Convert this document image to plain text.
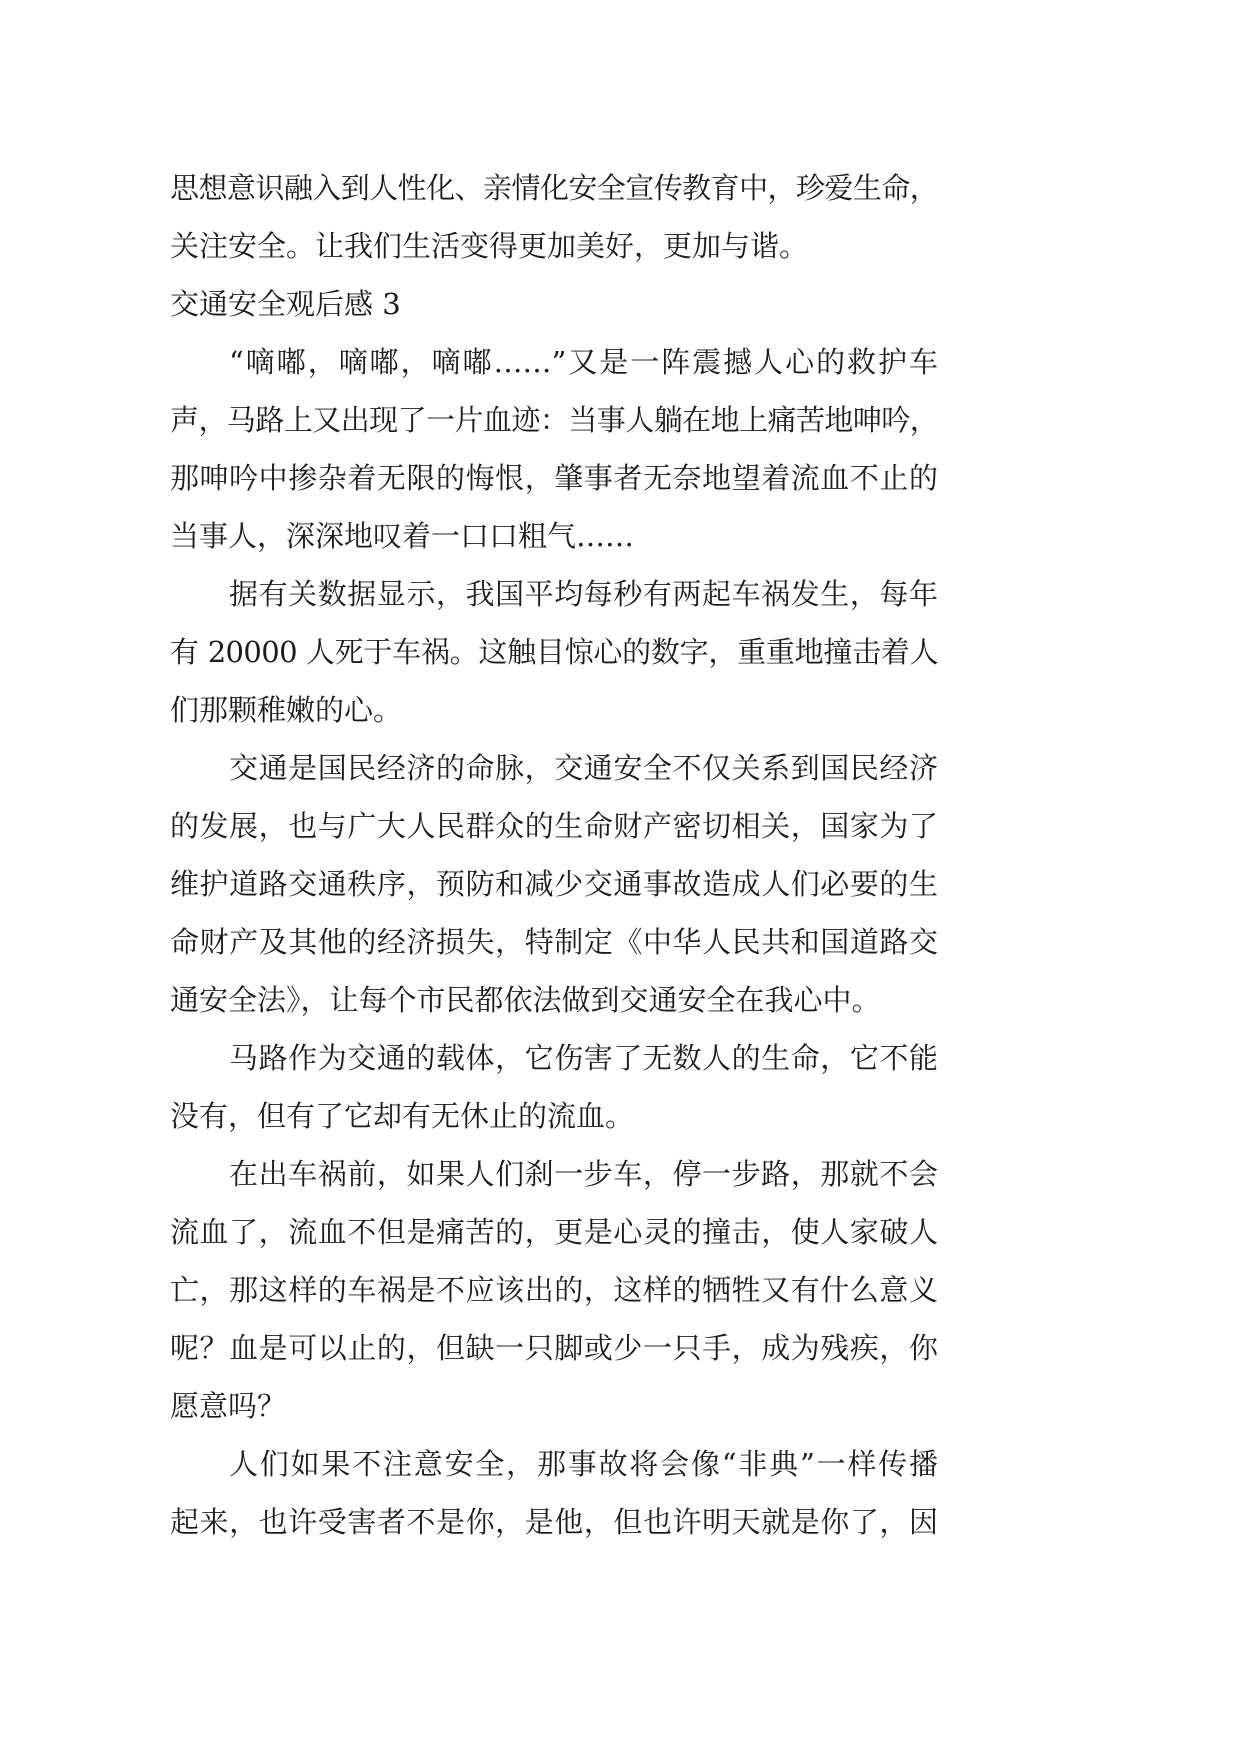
思想意识融入到人性化、亲情化安全宣传教育中，珍爱生命，
关注安全。让我们生活变得更加美好，更加与谐。
交通安全观后感 3
“嘀嘟，嘀嘟，嘀嘟……”又是一阵震撼人心的救护车
声，马路上又出现了一片血迹：当事人躺在地上痛苦地呻吟，
那呻吟中掺杂着无限的悔恨，肇事者无奈地望着流血不止的
当事人，深深地叹着一口口粗气……
据有关数据显示，我国平均每秒有两起车祸发生，每年
有 20000 人死于车祸。这触目惊心的数字，重重地撞击着人
们那颗稚嫩的心。
交通是国民经济的命脉，交通安全不仅关系到国民经济
的发展，也与广大人民群众的生命财产密切相关，国家为了
维护道路交通秩序，预防和减少交通事故造成人们必要的生
命财产及其他的经济损失，特制定《中华人民共和国道路交
通安全法》，让每个市民都依法做到交通安全在我心中。
马路作为交通的载体，它伤害了无数人的生命，它不能
没有，但有了它却有无休止的流血。
在出车祸前，如果人们刹一步车，停一步路，那就不会
流血了，流血不但是痛苦的，更是心灵的撞击，使人家破人
亡，那这样的车祸是不应该出的，这样的牺牲又有什么意义
呢？血是可以止的，但缺一只脚或少一只手，成为残疾，你
愿意吗？
人们如果不注意安全，那事故将会像“非典”一样传播
起来，也许受害者不是你，是他，但也许明天就是你了，因
